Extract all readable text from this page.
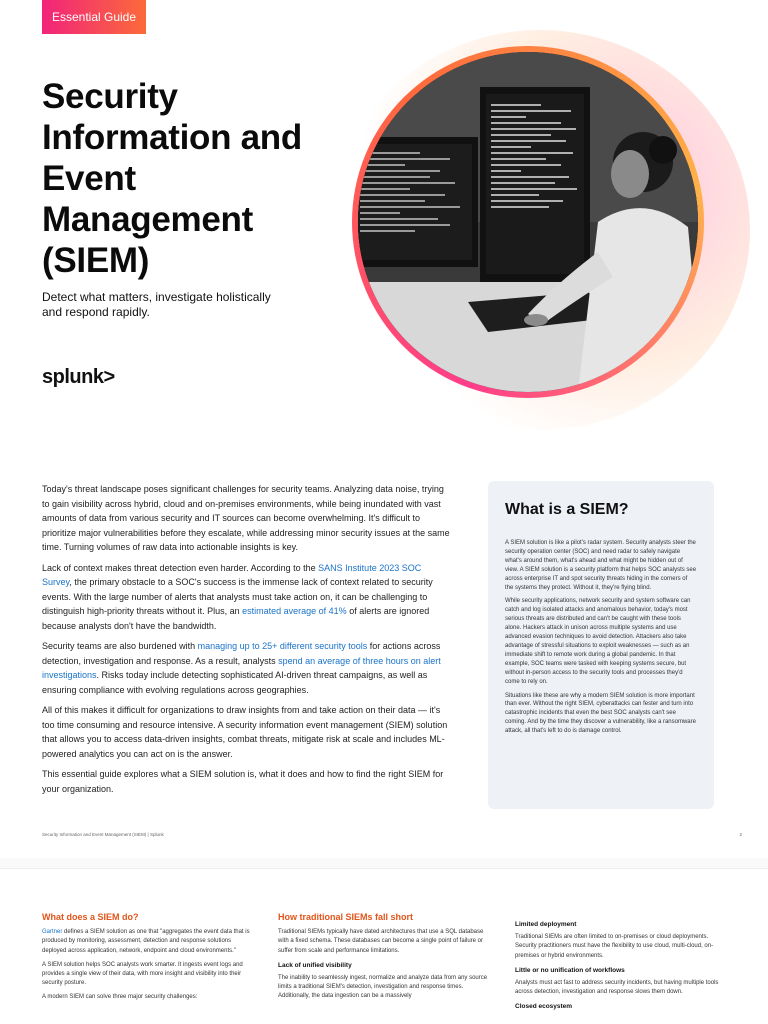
Essential Guide
Security Information and Event Management (SIEM)

Detect what matters, investigate holistically and respond rapidly.

splunk>

Today's threat landscape poses significant challenges for security teams. Analyzing data noise, trying to gain visibility across hybrid, cloud and on-premises environments, while being inundated with vast amounts of data from various security and IT sources can become overwhelming. It's difficult to prioritize major vulnerabilities before they escalate, while addressing minor security issues at the same time. Turning volumes of raw data into actionable insights is key.

Lack of context makes threat detection even harder. According to the SANS Institute 2023 SOC Survey, the primary obstacle to a SOC's success is the immense lack of context related to security events. With the large number of alerts that analysts must take action on, it can be challenging to distinguish high-priority threats without it. Plus, an estimated average of 41% of alerts are ignored because analysts don't have the bandwidth.

Security teams are also burdened with managing up to 25+ different security tools for actions across detection, investigation and response. As a result, analysts spend an average of three hours on alert investigations. Risks today include detecting sophisticated AI-driven threat campaigns, as well as ensuring compliance with evolving regulations across geographies.

All of this makes it difficult for organizations to draw insights from and take action on their data — it's too time consuming and resource intensive. A security information event management (SIEM) solution that allows you to access data-driven insights, combat threats, mitigate risk at scale and includes ML-powered analytics you can act on is the answer.

This essential guide explores what a SIEM solution is, what it does and how to find the right SIEM for your organization.

What is a SIEM?

A SIEM solution is like a pilot's radar system. Security analysts steer the security operation center (SOC) and need radar to safely navigate what's around them, what's ahead and what might be hidden out of view. A SIEM solution is a security platform that helps SOC analysts see across enterprise IT and spot security threats hiding in the corners of the systems they protect. Without it, they're flying blind.

While security applications, network security and system software can catch and log isolated attacks and anomalous behavior, today's most serious threats are distributed and can't be caught with these tools alone. Hackers attack in unison across multiple systems and use advanced evasion techniques to avoid detection. Attackers also take advantage of stressful situations to exploit weaknesses — such as an immediate shift to remote work during a global pandemic. In that example, SOC teams were tasked with keeping systems secure, but without in-person access to the security tools and processes they'd come to rely on.

Situations like these are why a modern SIEM solution is more important than ever. Without the right SIEM, cyberattacks can fester and turn into catastrophic incidents that even the best SOC analysts can't see coming. And by the time they discover a vulnerability, like a ransomware attack, all that's left to do is damage control.

Security Information and Event Management (SIEM) | Splunk	2
What does a SIEM do?

Gartner defines a SIEM solution as one that "aggregates the event data that is produced by monitoring, assessment, detection and response solutions deployed across application, network, endpoint and cloud environments."

A SIEM solution helps SOC analysts work smarter. It ingests event logs and provides a single view of their data, with more insight and visibility into their security posture.

A modern SIEM can solve three major security challenges:

How traditional SIEMs fall short

Traditional SIEMs typically have dated architectures that use a SQL database with a fixed schema. These databases can become a single point of failure or suffer from scale and performance limitations.

Lack of unified visibility

The inability to seamlessly ingest, normalize and analyze data from any source limits a traditional SIEM's detection, investigation and response times. Additionally, the data ingestion can be a massively

Limited deployment

Traditional SIEMs are often limited to on-premises or cloud deployments. Security practitioners must have the flexibility to use cloud, multi-cloud, on-premises or hybrid environments.

Little or no unification of workflows

Analysts must act fast to address security incidents, but having multiple tools across detection, investigation and response slows them down.

Closed ecosystem
